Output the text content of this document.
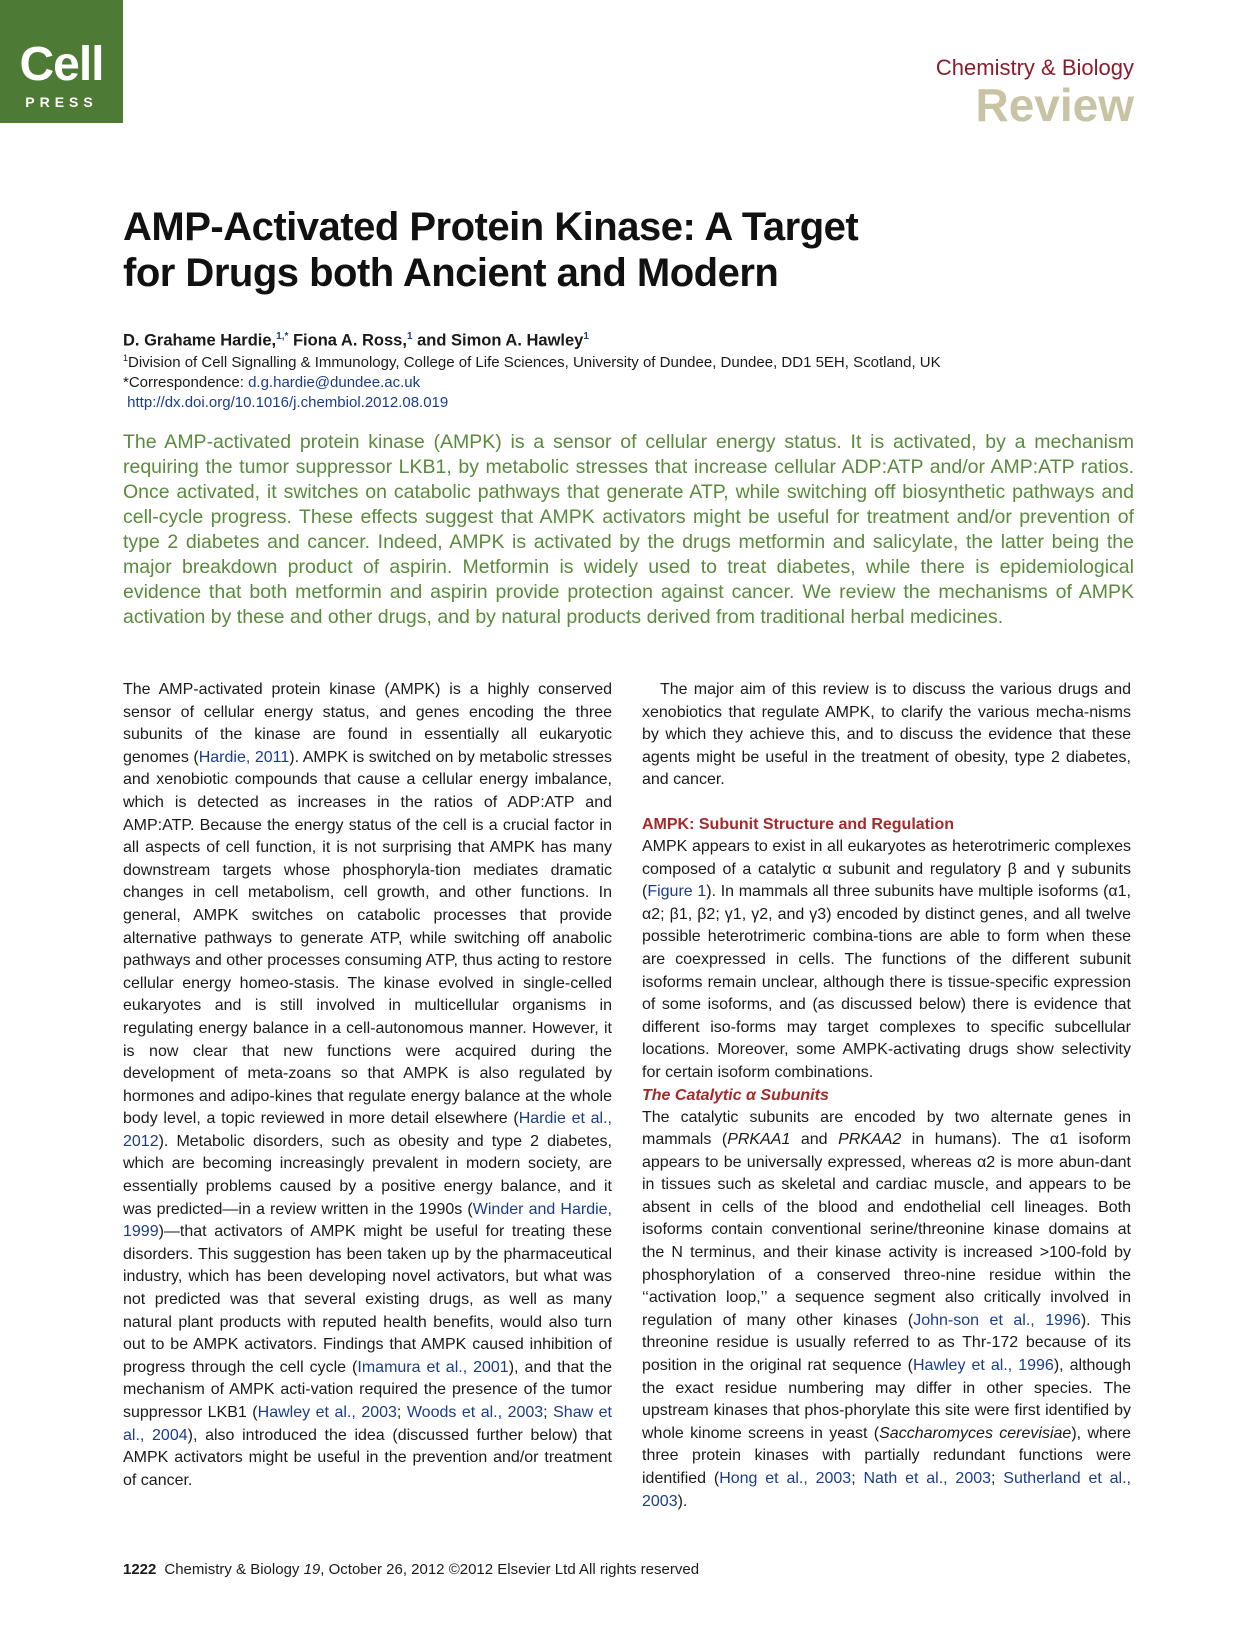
Cell
PRESS
Chemistry & Biology
Review
AMP-Activated Protein Kinase: A Target
for Drugs both Ancient and Modern
D. Grahame Hardie,$^{1,*}$ Fiona A. Ross,$^1$ and Simon A. Hawley$^1$
$^1$Division of Cell Signalling & Immunology, College of Life Sciences, University of Dundee, Dundee, DD1 5EH, Scotland, UK
*Correspondence: d.g.hardie@dundee.ac.uk
http://dx.doi.org/10.1016/j.chembiol.2012.08.019

The AMP-activated protein kinase (AMPK) is a sensor of cellular energy status. It is activated, by a mechanism requiring the tumor suppressor LKB1, by metabolic stresses that increase cellular ADP:ATP and/or AMP:ATP ratios. Once activated, it switches on catabolic pathways that generate ATP, while switching off biosynthetic pathways and cell-cycle progress. These effects suggest that AMPK activators might be useful for treatment and/or prevention of type 2 diabetes and cancer. Indeed, AMPK is activated by the drugs metformin and salicylate, the latter being the major breakdown product of aspirin. Metformin is widely used to treat diabetes, while there is epidemiological evidence that both metformin and aspirin provide protection against cancer. We review the mechanisms of AMPK activation by these and other drugs, and by natural products derived from traditional herbal medicines.

The AMP-activated protein kinase (AMPK) is a highly conserved sensor of cellular energy status, and genes encoding the three subunits of the kinase are found in essentially all eukaryotic genomes (Hardie, 2011). AMPK is switched on by metabolic stresses and xenobiotic compounds that cause a cellular energy imbalance, which is detected as increases in the ratios of ADP:ATP and AMP:ATP. Because the energy status of the cell is a crucial factor in all aspects of cell function, it is not surprising that AMPK has many downstream targets whose phosphoryla-tion mediates dramatic changes in cell metabolism, cell growth, and other functions. In general, AMPK switches on catabolic processes that provide alternative pathways to generate ATP, while switching off anabolic pathways and other processes consuming ATP, thus acting to restore cellular energy homeo-stasis. The kinase evolved in single-celled eukaryotes and is still involved in multicellular organisms in regulating energy balance in a cell-autonomous manner. However, it is now clear that new functions were acquired during the development of meta-zoans so that AMPK is also regulated by hormones and adipo-kines that regulate energy balance at the whole body level, a topic reviewed in more detail elsewhere (Hardie et al., 2012). Metabolic disorders, such as obesity and type 2 diabetes, which are becoming increasingly prevalent in modern society, are essentially problems caused by a positive energy balance, and it was predicted—in a review written in the 1990s (Winder and Hardie, 1999)—that activators of AMPK might be useful for treating these disorders. This suggestion has been taken up by the pharmaceutical industry, which has been developing novel activators, but what was not predicted was that several existing drugs, as well as many natural plant products with reputed health benefits, would also turn out to be AMPK activators. Findings that AMPK caused inhibition of progress through the cell cycle (Imamura et al., 2001), and that the mechanism of AMPK acti-vation required the presence of the tumor suppressor LKB1 (Hawley et al., 2003; Woods et al., 2003; Shaw et al., 2004), also introduced the idea (discussed further below) that AMPK activators might be useful in the prevention and/or treatment of cancer.

The major aim of this review is to discuss the various drugs and xenobiotics that regulate AMPK, to clarify the various mecha-nisms by which they achieve this, and to discuss the evidence that these agents might be useful in the treatment of obesity, type 2 diabetes, and cancer.

AMPK: Subunit Structure and Regulation

AMPK appears to exist in all eukaryotes as heterotrimeric complexes composed of a catalytic α subunit and regulatory β and γ subunits (Figure 1). In mammals all three subunits have multiple isoforms (α1, α2; β1, β2; γ1, γ2, and γ3) encoded by distinct genes, and all twelve possible heterotrimeric combina-tions are able to form when these are coexpressed in cells. The functions of the different subunit isoforms remain unclear, although there is tissue-specific expression of some isoforms, and (as discussed below) there is evidence that different iso-forms may target complexes to specific subcellular locations. Moreover, some AMPK-activating drugs show selectivity for certain isoform combinations.

The Catalytic α Subunits

The catalytic subunits are encoded by two alternate genes in mammals (PRKAA1 and PRKAA2 in humans). The α1 isoform appears to be universally expressed, whereas α2 is more abun-dant in tissues such as skeletal and cardiac muscle, and appears to be absent in cells of the blood and endothelial cell lineages. Both isoforms contain conventional serine/threonine kinase domains at the N terminus, and their kinase activity is increased >100-fold by phosphorylation of a conserved threo-nine residue within the ‘‘activation loop,’’ a sequence segment also critically involved in regulation of many other kinases (John-son et al., 1996). This threonine residue is usually referred to as Thr-172 because of its position in the original rat sequence (Hawley et al., 1996), although the exact residue numbering may differ in other species. The upstream kinases that phos-phorylate this site were first identified by whole kinome screens in yeast (Saccharomyces cerevisiae), where three protein kinases with partially redundant functions were identified (Hong et al., 2003; Nath et al., 2003; Sutherland et al., 2003).

1222 Chemistry & Biology 19, October 26, 2012 ©2012 Elsevier Ltd All rights reserved
